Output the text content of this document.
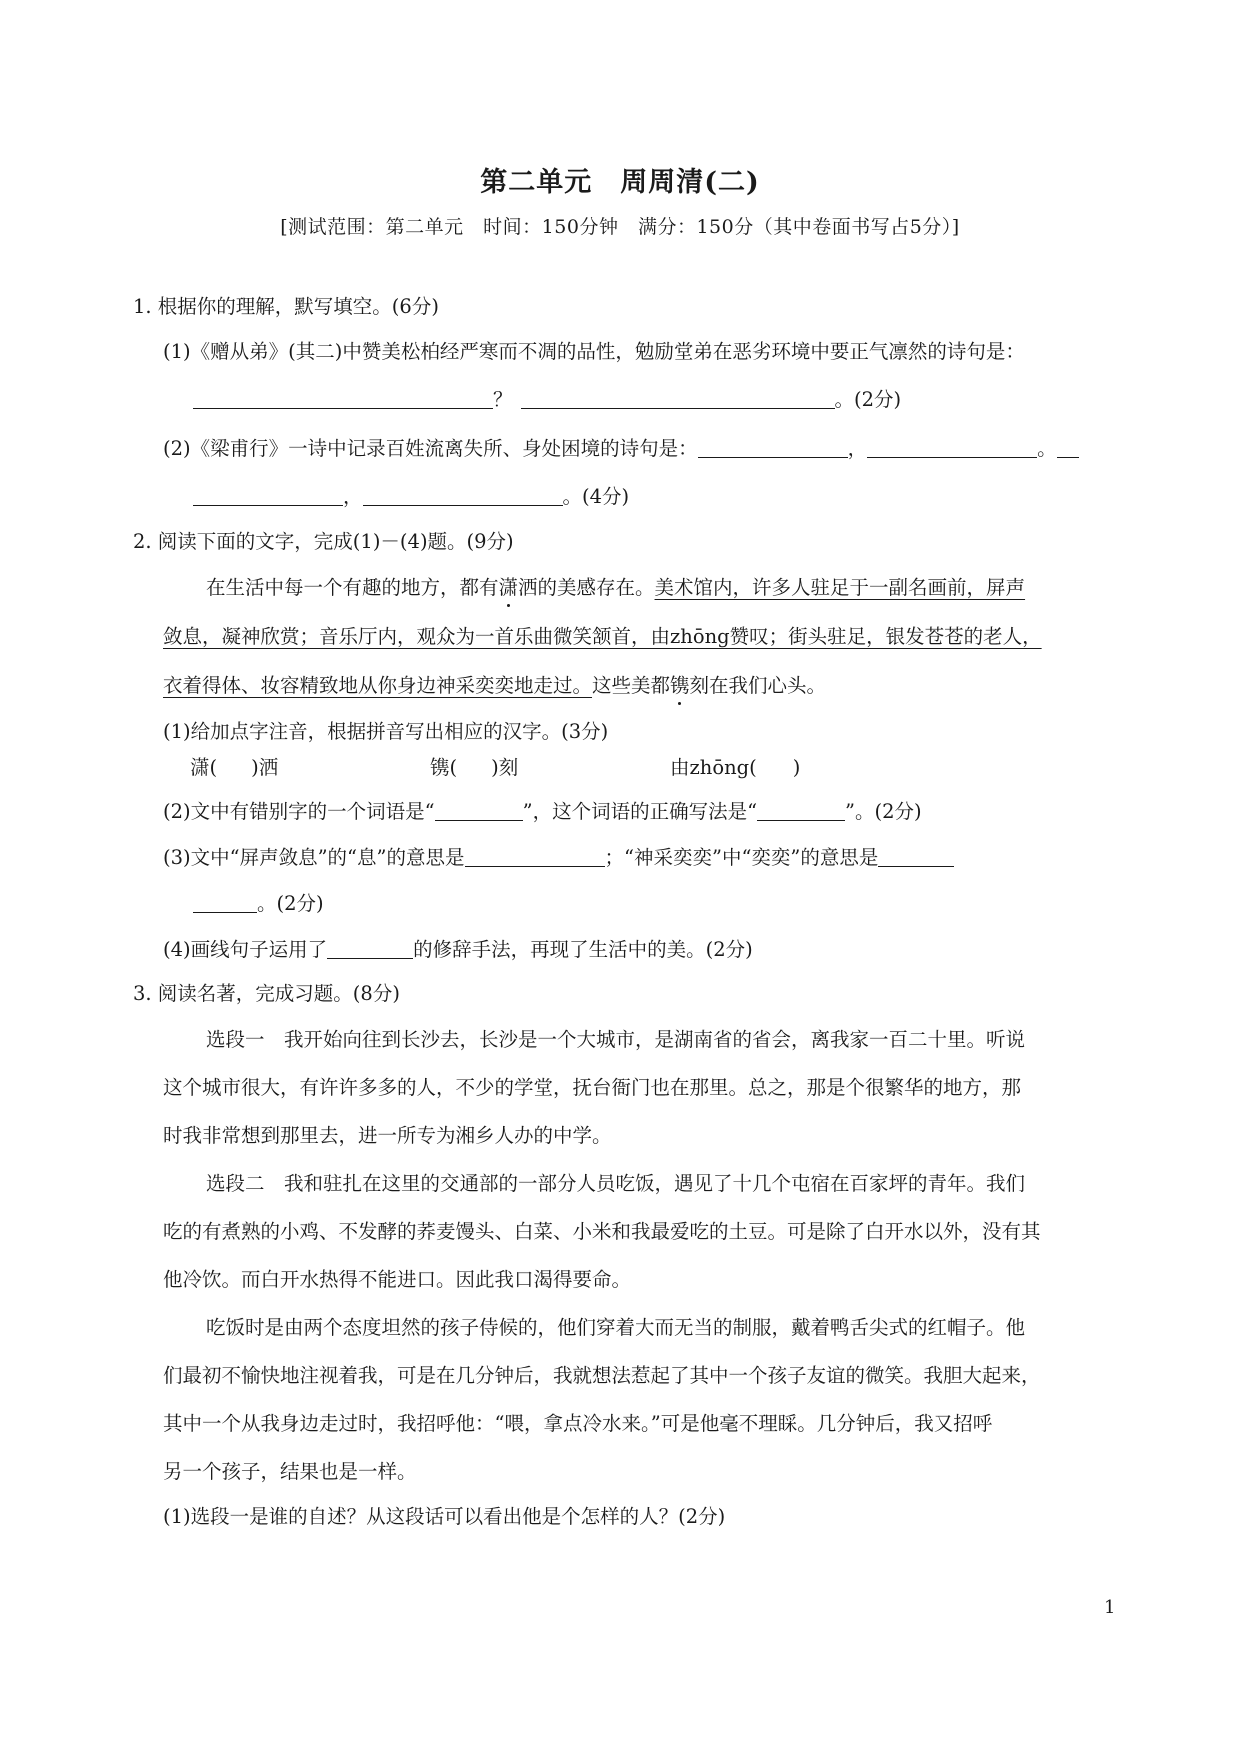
第二单元　周周清(二)
[测试范围：第二单元　时间：150分钟　满分：150分（其中卷面书写占5分）]
1. 根据你的理解，默写填空。(6分)
(1)《赠从弟》(其二)中赞美松柏经严寒而不凋的品性，勉励堂弟在恶劣环境中要正气凛然的诗句是：
？	。(2分)
(2)《梁甫行》一诗中记录百姓流离失所、身处困境的诗句是：	，	。
，	。(4分)
2. 阅读下面的文字，完成(1)－(4)题。(9分)
在生活中每一个有趣的地方，都有潇洒的美感存在。美术馆内，许多人驻足于一副名画前，屏声
敛息，凝神欣赏；音乐厅内，观众为一首乐曲微笑颔首，由zhōng赞叹；街头驻足，银发苍苍的老人，
衣着得体、妆容精致地从你身边神采奕奕地走过。这些美都镌刻在我们心头。
(1)给加点字注音，根据拼音写出相应的汉字。(3分)
潇( )洒	镌( )刻	由zhōng( )
(2)文中有错别字的一个词语是“	”，这个词语的正确写法是“	”。(2分)
(3)文中“屏声敛息”的“息”的意思是	；“神采奕奕”中“奕奕”的意思是
。(2分)
(4)画线句子运用了	的修辞手法，再现了生活中的美。(2分)
3. 阅读名著，完成习题。(8分)
选段一　我开始向往到长沙去，长沙是一个大城市，是湖南省的省会，离我家一百二十里。听说
这个城市很大，有许许多多的人，不少的学堂，抚台衙门也在那里。总之，那是个很繁华的地方，那
时我非常想到那里去，进一所专为湘乡人办的中学。
选段二　我和驻扎在这里的交通部的一部分人员吃饭，遇见了十几个屯宿在百家坪的青年。我们
吃的有煮熟的小鸡、不发酵的荞麦馒头、白菜、小米和我最爱吃的土豆。可是除了白开水以外，没有其
他冷饮。而白开水热得不能进口。因此我口渴得要命。
吃饭时是由两个态度坦然的孩子侍候的，他们穿着大而无当的制服，戴着鸭舌尖式的红帽子。他
们最初不愉快地注视着我，可是在几分钟后，我就想法惹起了其中一个孩子友谊的微笑。我胆大起来，
其中一个从我身边走过时，我招呼他：“喂，拿点冷水来。”可是他毫不理睬。几分钟后，我又招呼
另一个孩子，结果也是一样。
(1)选段一是谁的自述？从这段话可以看出他是个怎样的人？(2分)
1
